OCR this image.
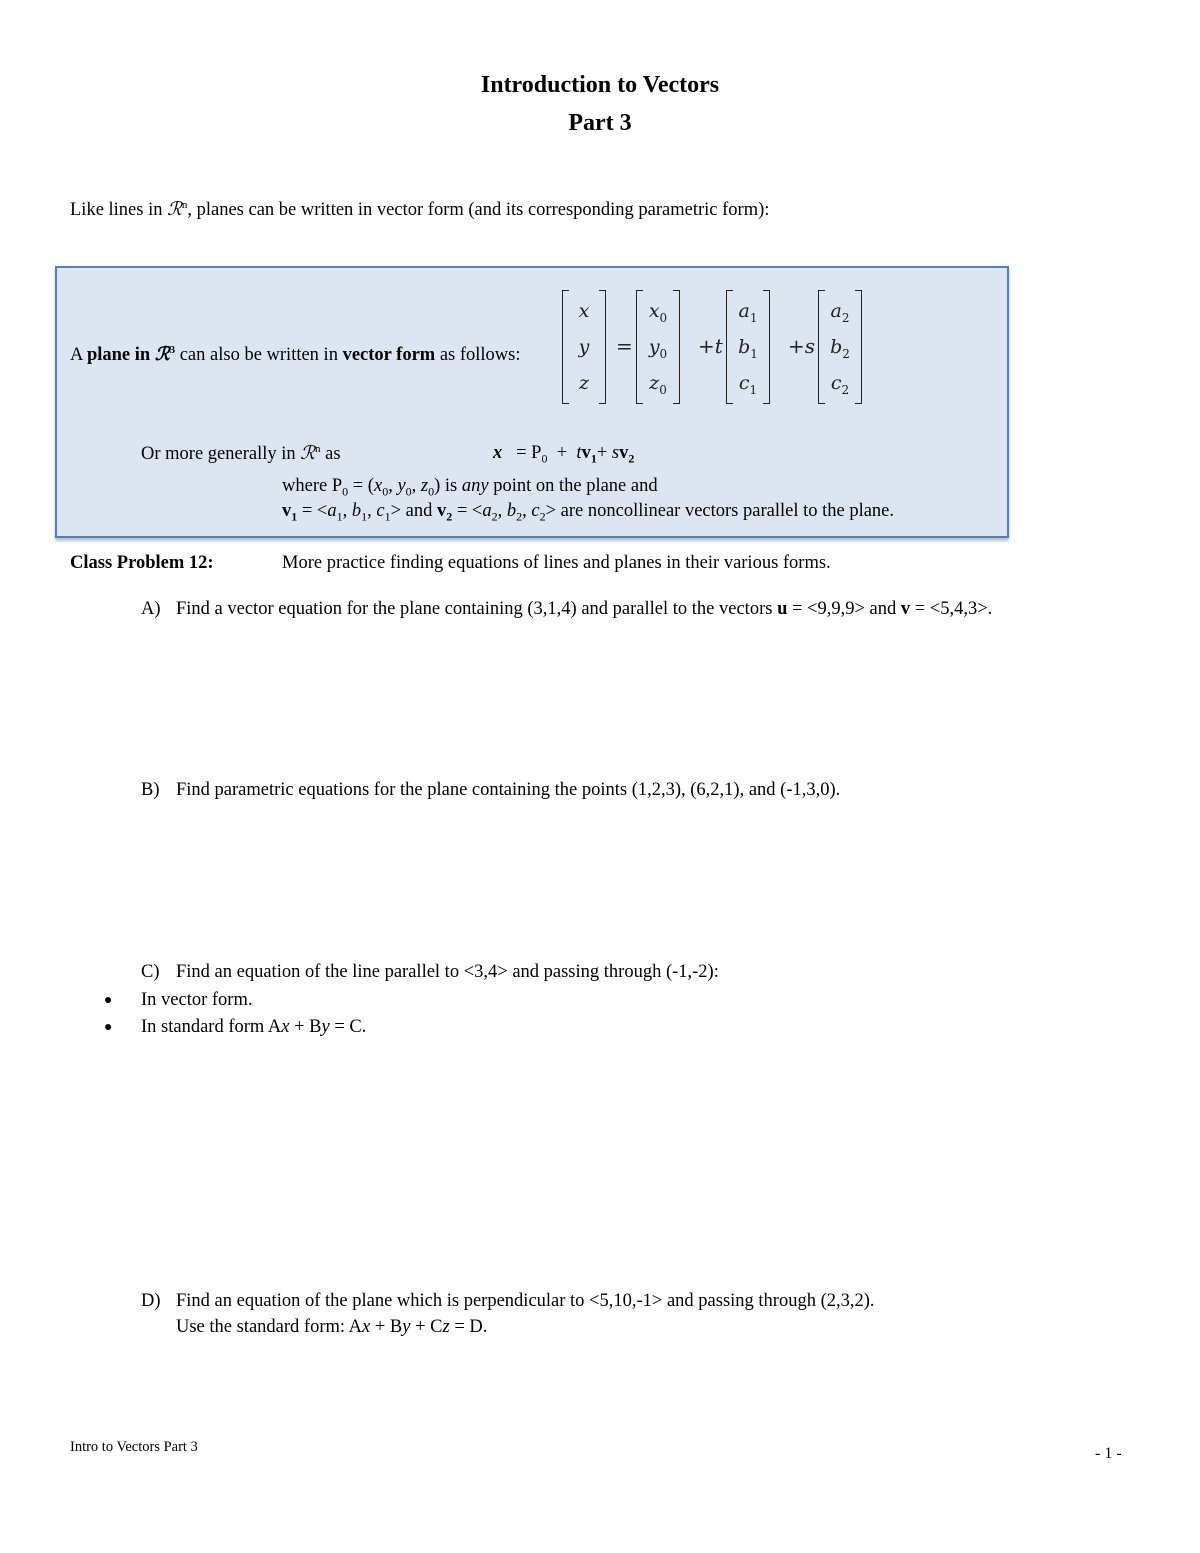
Introduction to Vectors
Part 3
Like lines in ℛ$^n$, planes can be written in vector form (and its corresponding parametric form):
A plane in ℛ$^3$ can also be written in vector form as follows:
x
y
z
=
$x_0$
$y_0$
$z_0$
+t
$a_1$
$b_1$
$c_1$
+s
$a_2$
$b_2$
$c_2$
Or more generally in ℛ$^n$ as	$x = P_0 + tv_1+ sv_2$
where $P_0 = (x_0$, $y_0$, $z_0$) is any point on the plane and
$v_1 = <a_1$, $b_1$, $c_1>$ and $v_2 = <a_2$, $b_2$, $c_2>$ are noncollinear vectors parallel to the plane.
Class Problem 12:	More practice finding equations of lines and planes in their various forms.
A) Find a vector equation for the plane containing (3,1,4) and parallel to the vectors u = <9,9,9> and v = <5,4,3>.
B) Find parametric equations for the plane containing the points (1,2,3), (6,2,1), and (-1,3,0).
C) Find an equation of the line parallel to <3,4> and passing through (-1,-2):
● In vector form.
● In standard form Ax + By = C.
D) Find an equation of the plane which is perpendicular to <5,10,-1> and passing through (2,3,2).
Use the standard form: Ax + By + Cz = D.
Intro to Vectors Part 3	- 1 -
